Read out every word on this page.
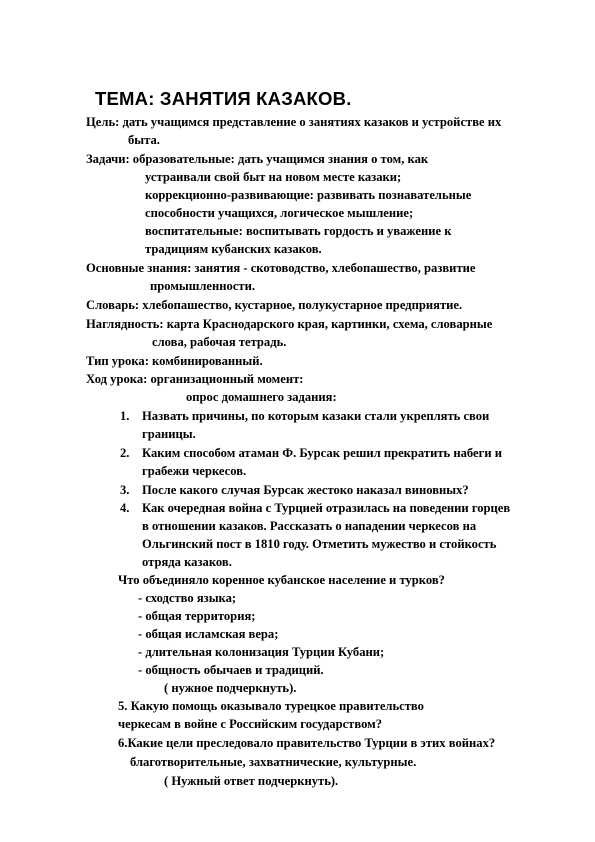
ТЕМА: ЗАНЯТИЯ КАЗАКОВ.
Цель: дать учащимся представление о занятиях казаков и устройстве их
быта.
Задачи: образовательные: дать учащимся знания о том, как
устраивали свой быт на новом месте казаки;
коррекционно-развивающие: развивать познавательные
способности учащихся, логическое мышление;
воспитательные: воспитывать гордость и уважение к
традициям кубанских казаков.
Основные знания: занятия - скотоводство, хлебопашество, развитие
промышленности.
Словарь: хлебопашество, кустарное, полукустарное предприятие.
Наглядность: карта Краснодарского края, картинки, схема, словарные
слова, рабочая тетрадь.
Тип урока: комбинированный.
Ход урока: организационный момент:
опрос домашнего задания:
1. Назвать причины, по которым казаки стали укреплять свои
границы.
2. Каким способом атаман Ф. Бурсак решил прекратить набеги и
грабежи черкесов.
3. После какого случая Бурсак жестоко наказал виновных?
4. Как очередная война с Турцией отразилась на поведении горцев
в отношении казаков. Рассказать о нападении черкесов на
Ольгинский пост в 1810 году. Отметить мужество и стойкость
отряда казаков.
Что объединяло коренное кубанское население и турков?
- сходство языка;
- общая территория;
- общая исламская вера;
- длительная колонизация Турции Кубани;
- общность обычаев и традиций.
( нужное подчеркнуть).
5. Какую помощь оказывало турецкое правительство
черкесам в войне с Российским государством?
6.Какие цели преследовало правительство Турции в этих войнах?
благотворительные, захватнические, культурные.
( Нужный ответ подчеркнуть).
